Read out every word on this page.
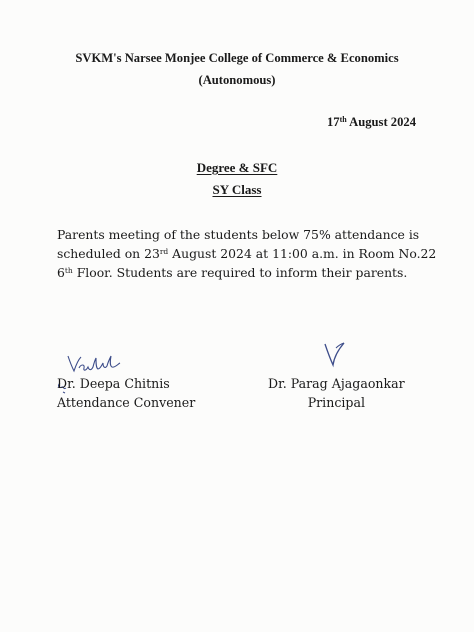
SVKM's Narsee Monjee College of Commerce & Economics
(Autonomous)
17th August 2024
Degree & SFC
SY Class
Parents meeting of the students below 75% attendance is
scheduled on 23rd August 2024 at 11:00 a.m. in Room No.22
6th Floor. Students are required to inform their parents.
Dr. Deepa Chitnis
Attendance Convener
Dr. Parag Ajagaonkar
Principal
